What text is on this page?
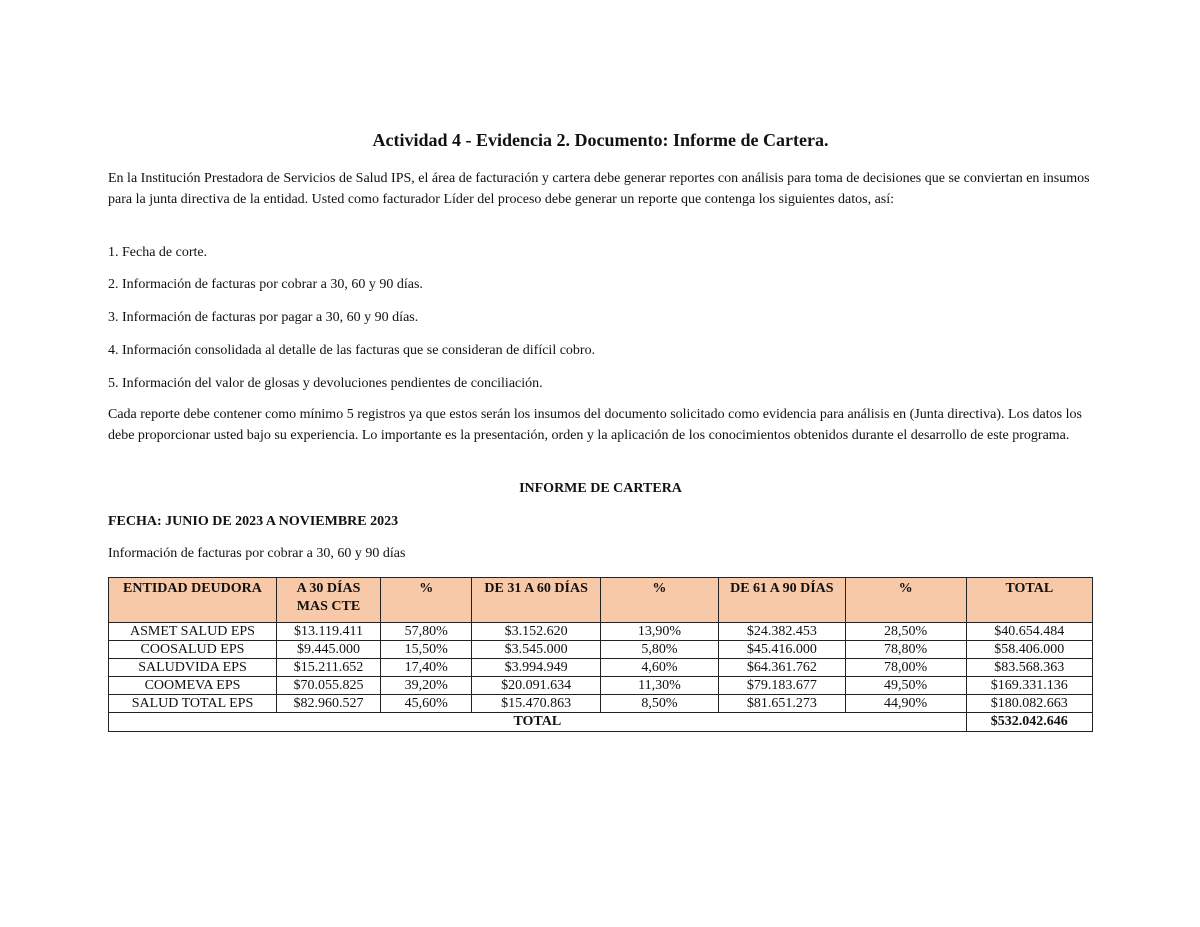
Actividad 4 - Evidencia 2. Documento: Informe de Cartera.
En la Institución Prestadora de Servicios de Salud IPS, el área de facturación y cartera debe generar reportes con análisis para toma de decisiones que se conviertan en insumos para la junta directiva de la entidad. Usted como facturador Líder del proceso debe generar un reporte que contenga los siguientes datos, así:
1. Fecha de corte.
2. Información de facturas por cobrar a 30, 60 y 90 días.
3. Información de facturas por pagar a 30, 60 y 90 días.
4. Información consolidada al detalle de las facturas que se consideran de difícil cobro.
5. Información del valor de glosas y devoluciones pendientes de conciliación.
Cada reporte debe contener como mínimo 5 registros ya que estos serán los insumos del documento solicitado como evidencia para análisis en (Junta directiva). Los datos los debe proporcionar usted bajo su experiencia. Lo importante es la presentación, orden y la aplicación de los conocimientos obtenidos durante el desarrollo de este programa.
INFORME DE CARTERA
FECHA: JUNIO DE 2023 A NOVIEMBRE 2023
Información de facturas por cobrar a 30, 60 y 90 días
ENTIDAD DEUDORA	A 30 DÍAS MAS CTE	%	DE 31 A 60 DÍAS	%	DE 61 A 90 DÍAS	%	TOTAL
ASMET SALUD EPS	$13.119.411	57,80%	$3.152.620	13,90%	$24.382.453	28,50%	$40.654.484
COOSALUD EPS	$9.445.000	15,50%	$3.545.000	5,80%	$45.416.000	78,80%	$58.406.000
SALUDVIDA EPS	$15.211.652	17,40%	$3.994.949	4,60%	$64.361.762	78,00%	$83.568.363
COOMEVA EPS	$70.055.825	39,20%	$20.091.634	11,30%	$79.183.677	49,50%	$169.331.136
SALUD TOTAL EPS	$82.960.527	45,60%	$15.470.863	8,50%	$81.651.273	44,90%	$180.082.663
TOTAL							$532.042.646
